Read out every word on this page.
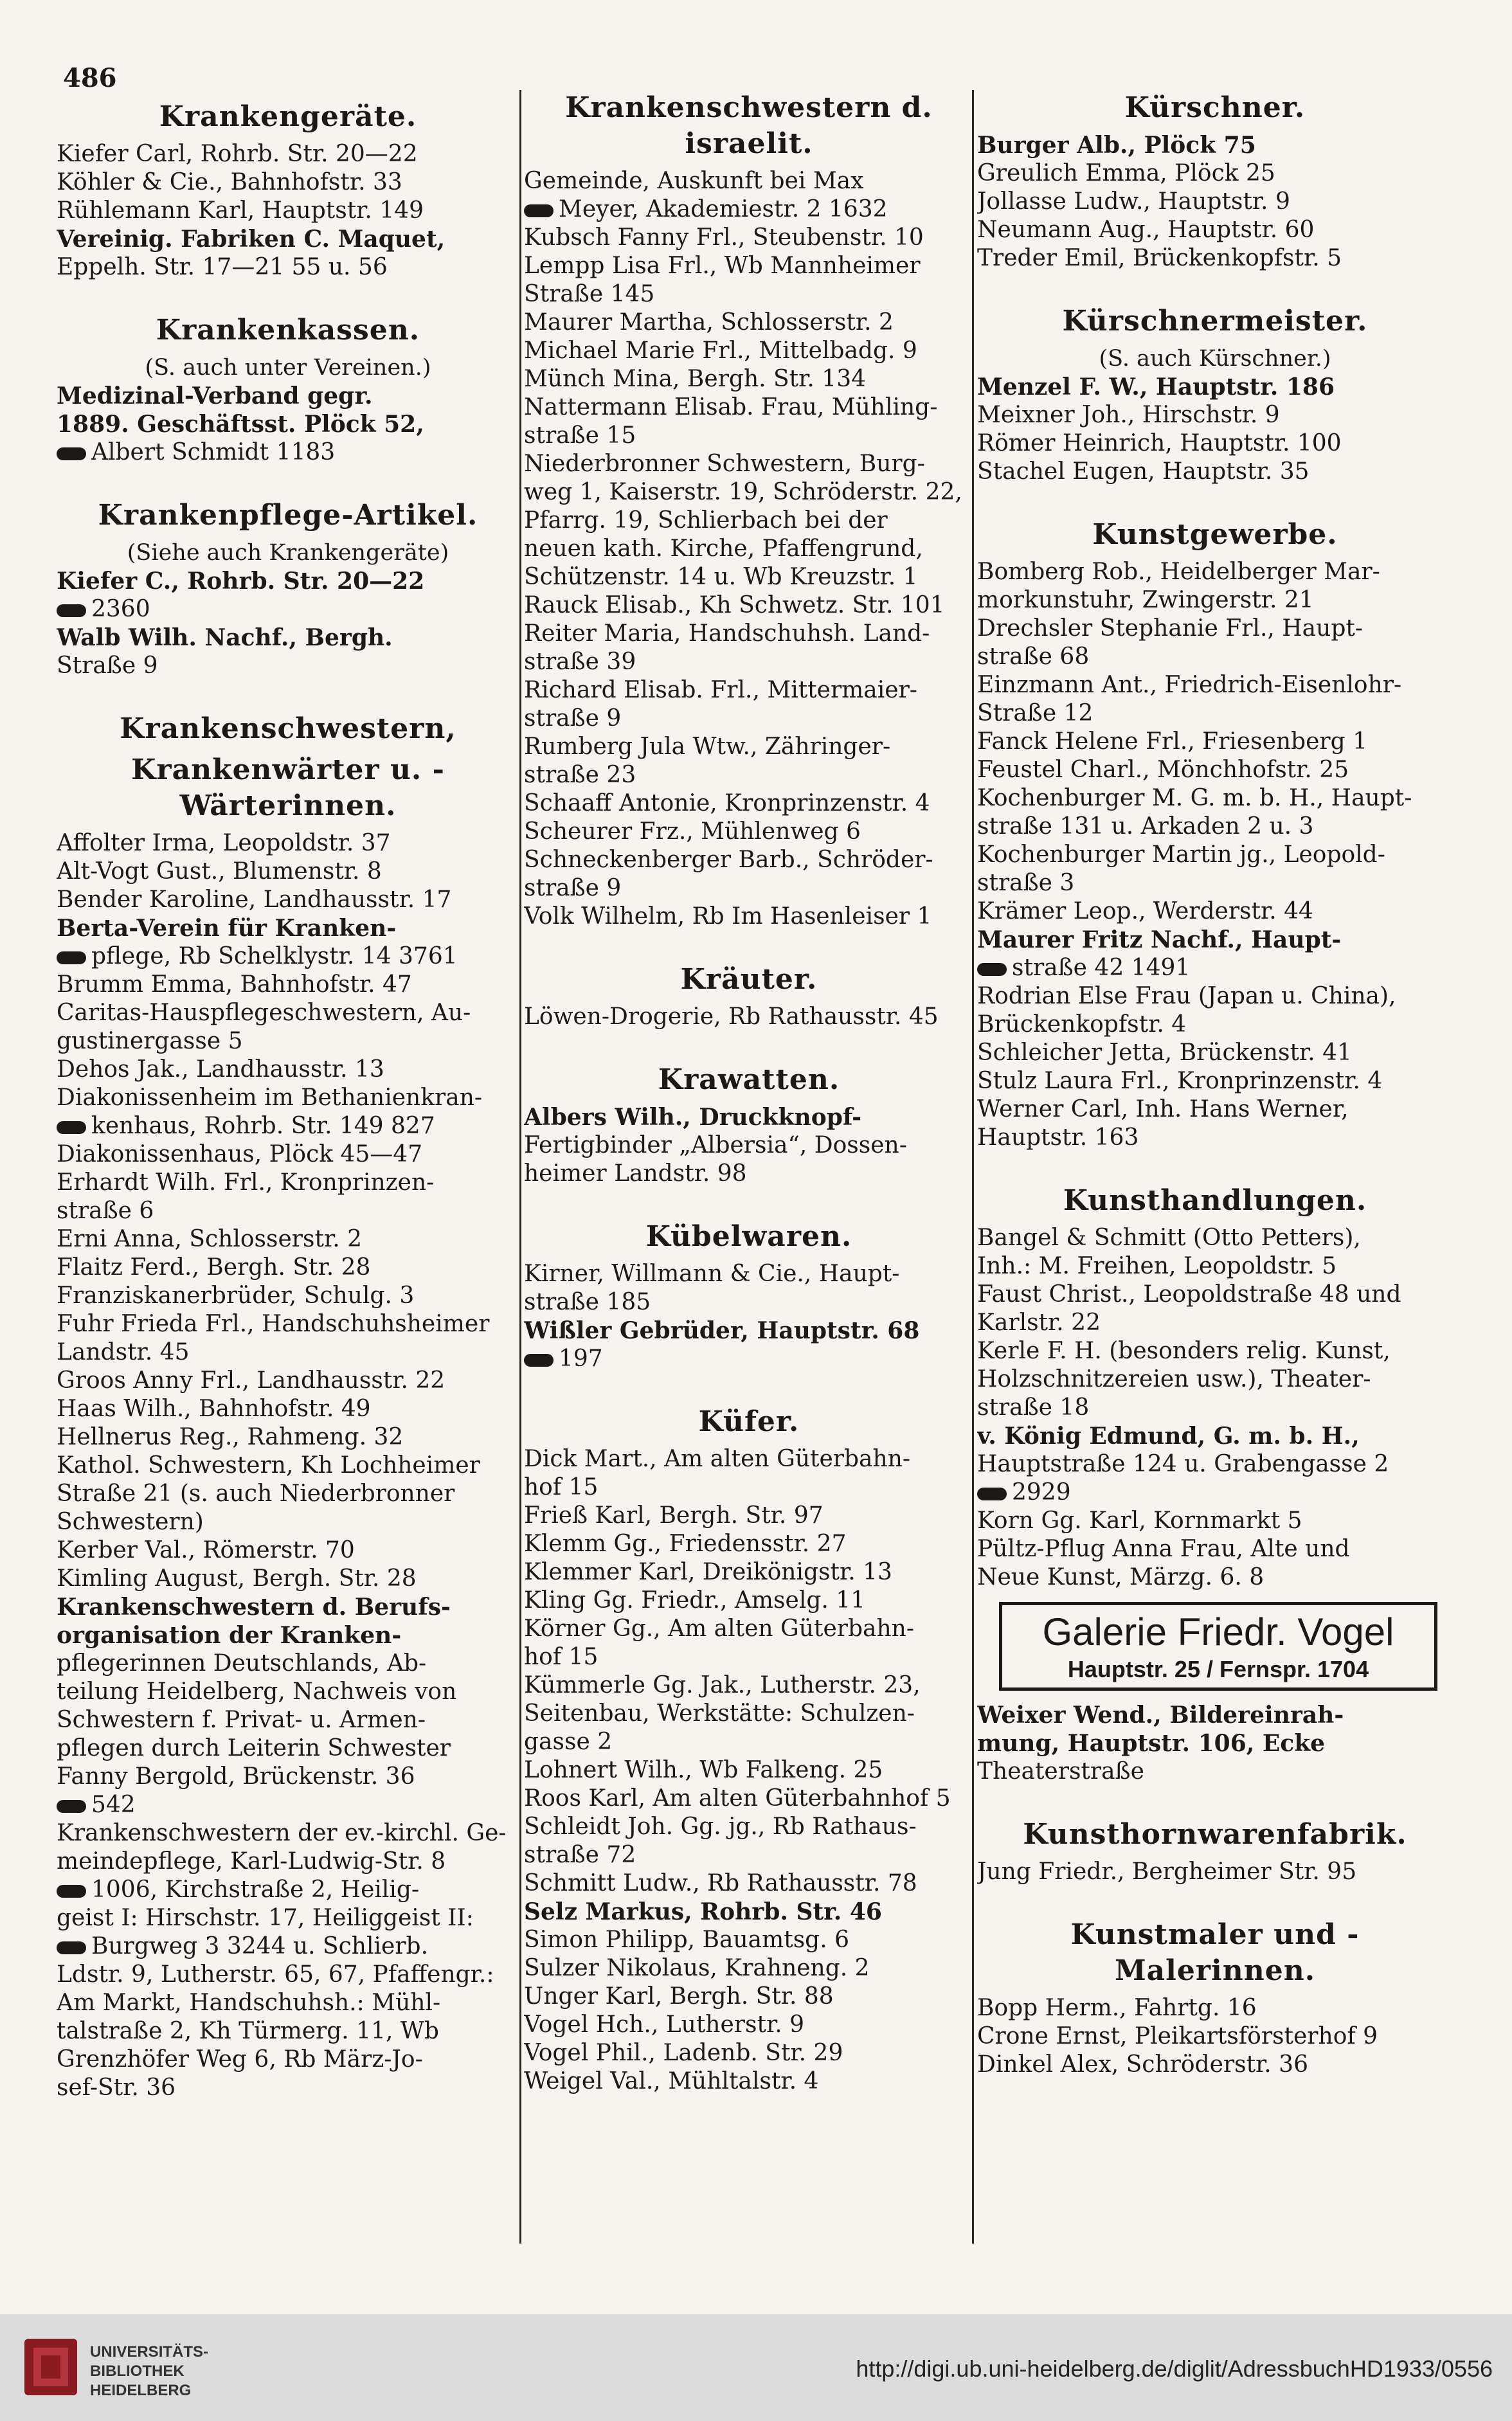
486
Krankengeräte.
Kiefer Carl, Rohrb. Str. 20—22
Köhler & Cie., Bahnhofstr. 33
Rühlemann Karl, Hauptstr. 149
Vereinig. Fabriken C. Maquet,
Eppelh. Str. 17—21 55 u. 56
Krankenkassen.
(S. auch unter Vereinen.)
Medizinal-Verband gegr.
1889. Geschäftsst. Plöck 52,
Albert Schmidt 1183
Krankenpflege-Artikel.
(Siehe auch Krankengeräte)
Kiefer C., Rohrb. Str. 20—22
2360
Walb Wilh. Nachf., Bergh.
Straße 9
Krankenschwestern,
Krankenwärter u. -Wärterinnen.
Affolter Irma, Leopoldstr. 37
Alt-Vogt Gust., Blumenstr. 8
Bender Karoline, Landhausstr. 17
Berta-Verein für Kranken-
pflege, Rb Schelklystr. 14 3761
Brumm Emma, Bahnhofstr. 47
Caritas-Hauspflegeschwestern, Au-
gustinergasse 5
Dehos Jak., Landhausstr. 13
Diakonissenheim im Bethanienkran-
kenhaus, Rohrb. Str. 149 827
Diakonissenhaus, Plöck 45—47
Erhardt Wilh. Frl., Kronprinzen-
straße 6
Erni Anna, Schlosserstr. 2
Flaitz Ferd., Bergh. Str. 28
Franziskanerbrüder, Schulg. 3
Fuhr Frieda Frl., Handschuhsheimer
Landstr. 45
Groos Anny Frl., Landhausstr. 22
Haas Wilh., Bahnhofstr. 49
Hellnerus Reg., Rahmeng. 32
Kathol. Schwestern, Kh Lochheimer
Straße 21 (s. auch Niederbronner
Schwestern)
Kerber Val., Römerstr. 70
Kimling August, Bergh. Str. 28
Krankenschwestern d. Berufs-
organisation der Kranken-
pflegerinnen Deutschlands, Ab-
teilung Heidelberg, Nachweis von
Schwestern f. Privat- u. Armen-
pflegen durch Leiterin Schwester
Fanny Bergold, Brückenstr. 36
542
Krankenschwestern der ev.-kirchl. Ge-
meindepflege, Karl-Ludwig-Str. 8
1006, Kirchstraße 2, Heilig-
geist I: Hirschstr. 17, Heiliggeist II:
Burgweg 3 3244 u. Schlierb.
Ldstr. 9, Lutherstr. 65, 67, Pfaffengr.:
Am Markt, Handschuhsh.: Mühl-
talstraße 2, Kh Türmerg. 11, Wb
Grenzhöfer Weg 6, Rb März-Jo-
sef-Str. 36
Krankenschwestern d. israelit.
Gemeinde, Auskunft bei Max
Meyer, Akademiestr. 2 1632
Kubsch Fanny Frl., Steubenstr. 10
Lempp Lisa Frl., Wb Mannheimer
Straße 145
Maurer Martha, Schlosserstr. 2
Michael Marie Frl., Mittelbadg. 9
Münch Mina, Bergh. Str. 134
Nattermann Elisab. Frau, Mühling-
straße 15
Niederbronner Schwestern, Burg-
weg 1, Kaiserstr. 19, Schröderstr. 22,
Pfarrg. 19, Schlierbach bei der
neuen kath. Kirche, Pfaffengrund,
Schützenstr. 14 u. Wb Kreuzstr. 1
Rauck Elisab., Kh Schwetz. Str. 101
Reiter Maria, Handschuhsh. Land-
straße 39
Richard Elisab. Frl., Mittermaier-
straße 9
Rumberg Jula Wtw., Zähringer-
straße 23
Schaaff Antonie, Kronprinzenstr. 4
Scheurer Frz., Mühlenweg 6
Schneckenberger Barb., Schröder-
straße 9
Volk Wilhelm, Rb Im Hasenleiser 1
Kräuter.
Löwen-Drogerie, Rb Rathausstr. 45
Krawatten.
Albers Wilh., Druckknopf-
Fertigbinder „Albersia“, Dossen-
heimer Landstr. 98
Kübelwaren.
Kirner, Willmann & Cie., Haupt-
straße 185
Wißler Gebrüder, Hauptstr. 68
197
Küfer.
Dick Mart., Am alten Güterbahn-
hof 15
Frieß Karl, Bergh. Str. 97
Klemm Gg., Friedensstr. 27
Klemmer Karl, Dreikönigstr. 13
Kling Gg. Friedr., Amselg. 11
Körner Gg., Am alten Güterbahn-
hof 15
Kümmerle Gg. Jak., Lutherstr. 23,
Seitenbau, Werkstätte: Schulzen-
gasse 2
Lohnert Wilh., Wb Falkeng. 25
Roos Karl, Am alten Güterbahnhof 5
Schleidt Joh. Gg. jg., Rb Rathaus-
straße 72
Schmitt Ludw., Rb Rathausstr. 78
Selz Markus, Rohrb. Str. 46
Simon Philipp, Bauamtsg. 6
Sulzer Nikolaus, Krahneng. 2
Unger Karl, Bergh. Str. 88
Vogel Hch., Lutherstr. 9
Vogel Phil., Ladenb. Str. 29
Weigel Val., Mühltalstr. 4
Kürschner.
Burger Alb., Plöck 75
Greulich Emma, Plöck 25
Jollasse Ludw., Hauptstr. 9
Neumann Aug., Hauptstr. 60
Treder Emil, Brückenkopfstr. 5
Kürschnermeister.
(S. auch Kürschner.)
Menzel F. W., Hauptstr. 186
Meixner Joh., Hirschstr. 9
Römer Heinrich, Hauptstr. 100
Stachel Eugen, Hauptstr. 35
Kunstgewerbe.
Bomberg Rob., Heidelberger Mar-
morkunstuhr, Zwingerstr. 21
Drechsler Stephanie Frl., Haupt-
straße 68
Einzmann Ant., Friedrich-Eisenlohr-
Straße 12
Fanck Helene Frl., Friesenberg 1
Feustel Charl., Mönchhofstr. 25
Kochenburger M. G. m. b. H., Haupt-
straße 131 u. Arkaden 2 u. 3
Kochenburger Martin jg., Leopold-
straße 3
Krämer Leop., Werderstr. 44
Maurer Fritz Nachf., Haupt-
straße 42 1491
Rodrian Else Frau (Japan u. China),
Brückenkopfstr. 4
Schleicher Jetta, Brückenstr. 41
Stulz Laura Frl., Kronprinzenstr. 4
Werner Carl, Inh. Hans Werner,
Hauptstr. 163
Kunsthandlungen.
Bangel & Schmitt (Otto Petters),
Inh.: M. Freihen, Leopoldstr. 5
Faust Christ., Leopoldstraße 48 und
Karlstr. 22
Kerle F. H. (besonders relig. Kunst,
Holzschnitzereien usw.), Theater-
straße 18
v. König Edmund, G. m. b. H.,
Hauptstraße 124 u. Grabengasse 2
2929
Korn Gg. Karl, Kornmarkt 5
Pültz-Pflug Anna Frau, Alte und
Neue Kunst, Märzg. 6. 8
Galerie Friedr. Vogel
Hauptstr. 25 / Fernspr. 1704
Weixer Wend., Bildereinrah-
mung, Hauptstr. 106, Ecke
Theaterstraße
Kunsthornwarenfabrik.
Jung Friedr., Bergheimer Str. 95
Kunstmaler und -Malerinnen.
Bopp Herm., Fahrtg. 16
Crone Ernst, Pleikartsförsterhof 9
Dinkel Alex, Schröderstr. 36
UNIVERSITÄTS-
BIBLIOTHEK
HEIDELBERG
http://digi.ub.uni-heidelberg.de/diglit/AdressbuchHD1933/0556
